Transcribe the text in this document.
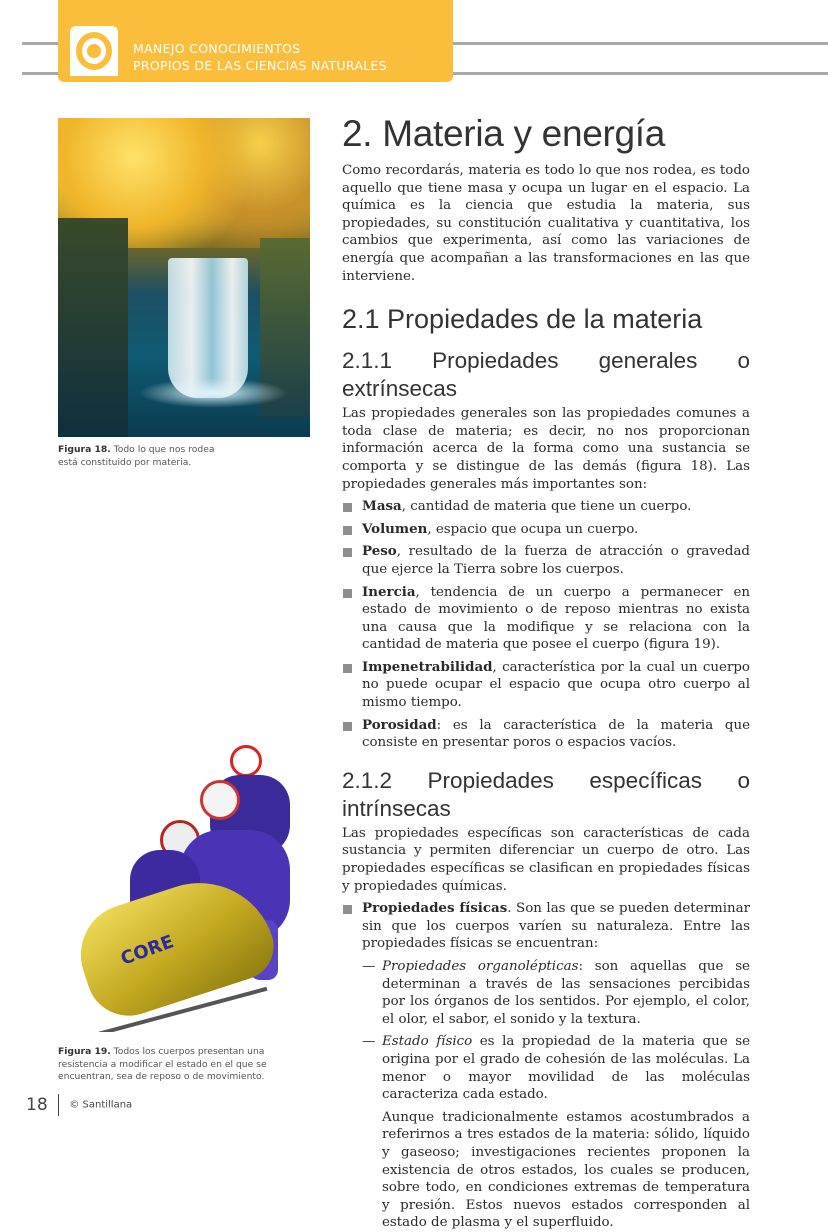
MANEJO CONOCIMIENTOS
PROPIOS DE LAS CIENCIAS NATURALES
Figura 18. Todo lo que nos rodea está constituido por materia.
CORE
Figura 19. Todos los cuerpos presentan una resistencia a modificar el estado en el que se encuentran, sea de reposo o de movimiento.
2. Materia y energía

Como recordarás, materia es todo lo que nos rodea, es todo aquello que tiene masa y ocupa un lugar en el espacio. La química es la ciencia que estudia la materia, sus propiedades, su constitución cualitativa y cuantitativa, los cambios que experimenta, así como las variaciones de energía que acompañan a las transformaciones en las que interviene.

2.1 Propiedades de la materia
2.1.1 Propiedades generales o extrínsecas

Las propiedades generales son las propiedades comunes a toda clase de materia; es decir, no nos proporcionan información acerca de la forma como una sustancia se comporta y se distingue de las demás (figura 18). Las propiedades generales más importantes son:

Masa, cantidad de materia que tiene un cuerpo.
Volumen, espacio que ocupa un cuerpo.
Peso, resultado de la fuerza de atracción o gravedad que ejerce la Tierra sobre los cuerpos.
Inercia, tendencia de un cuerpo a permanecer en estado de movimiento o de reposo mientras no exista una causa que la modifique y se relaciona con la cantidad de materia que posee el cuerpo (figura 19).
Impenetrabilidad, característica por la cual un cuerpo no puede ocupar el espacio que ocupa otro cuerpo al mismo tiempo.
Porosidad: es la característica de la materia que consiste en presentar poros o espacios vacíos.
2.1.2 Propiedades específicas o intrínsecas

Las propiedades específicas son características de cada sustancia y permiten diferenciar un cuerpo de otro. Las propiedades específicas se clasifican en propiedades físicas y propiedades químicas.

Propiedades físicas. Son las que se pueden determinar sin que los cuerpos varíen su naturaleza. Entre las propiedades físicas se encuentran:
— Propiedades organolépticas: son aquellas que se determinan a través de las sensaciones percibidas por los órganos de los sentidos. Por ejemplo, el color, el olor, el sabor, el sonido y la textura.
— Estado físico es la propiedad de la materia que se origina por el grado de cohesión de las moléculas. La menor o mayor movilidad de las moléculas caracteriza cada estado.

Aunque tradicionalmente estamos acostumbrados a referirnos a tres estados de la materia: sólido, líquido y gaseoso; investigaciones recientes proponen la existencia de otros estados, los cuales se producen, sobre todo, en condiciones extremas de temperatura y presión. Estos nuevos estados corresponden al estado de plasma y el superfluido.

18 © Santillana
